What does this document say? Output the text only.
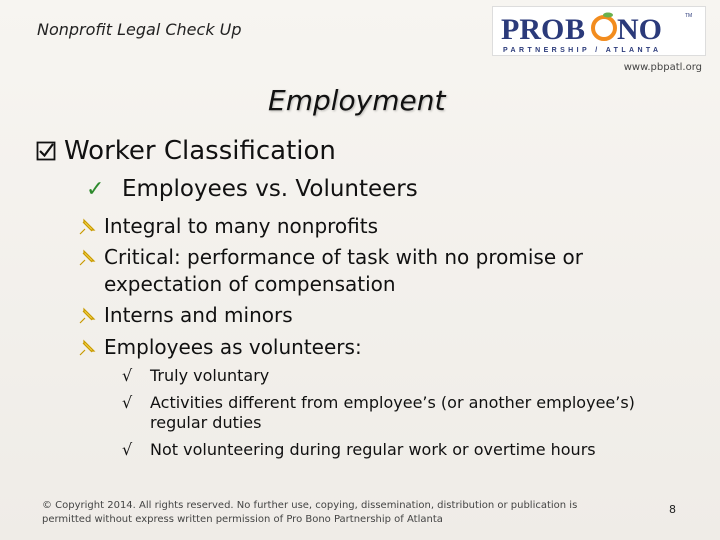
Nonprofit Legal Check Up	PRO B NO	TM
PARTNERSHIP / ATLANTA
www.pbpatl.org
Employment
Worker Classification
✓ Employees vs. Volunteers
Integral to many nonprofits
Critical: performance of task with no promise or expectation of compensation
Interns and minors
Employees as volunteers:
√	Truly voluntary
√	Activities different from employee’s (or another employee’s) regular duties
√	Not volunteering during regular work or overtime hours
© Copyright 2014. All rights reserved. No further use, copying, dissemination, distribution or publication is permitted without express written permission of Pro Bono Partnership of Atlanta
8
